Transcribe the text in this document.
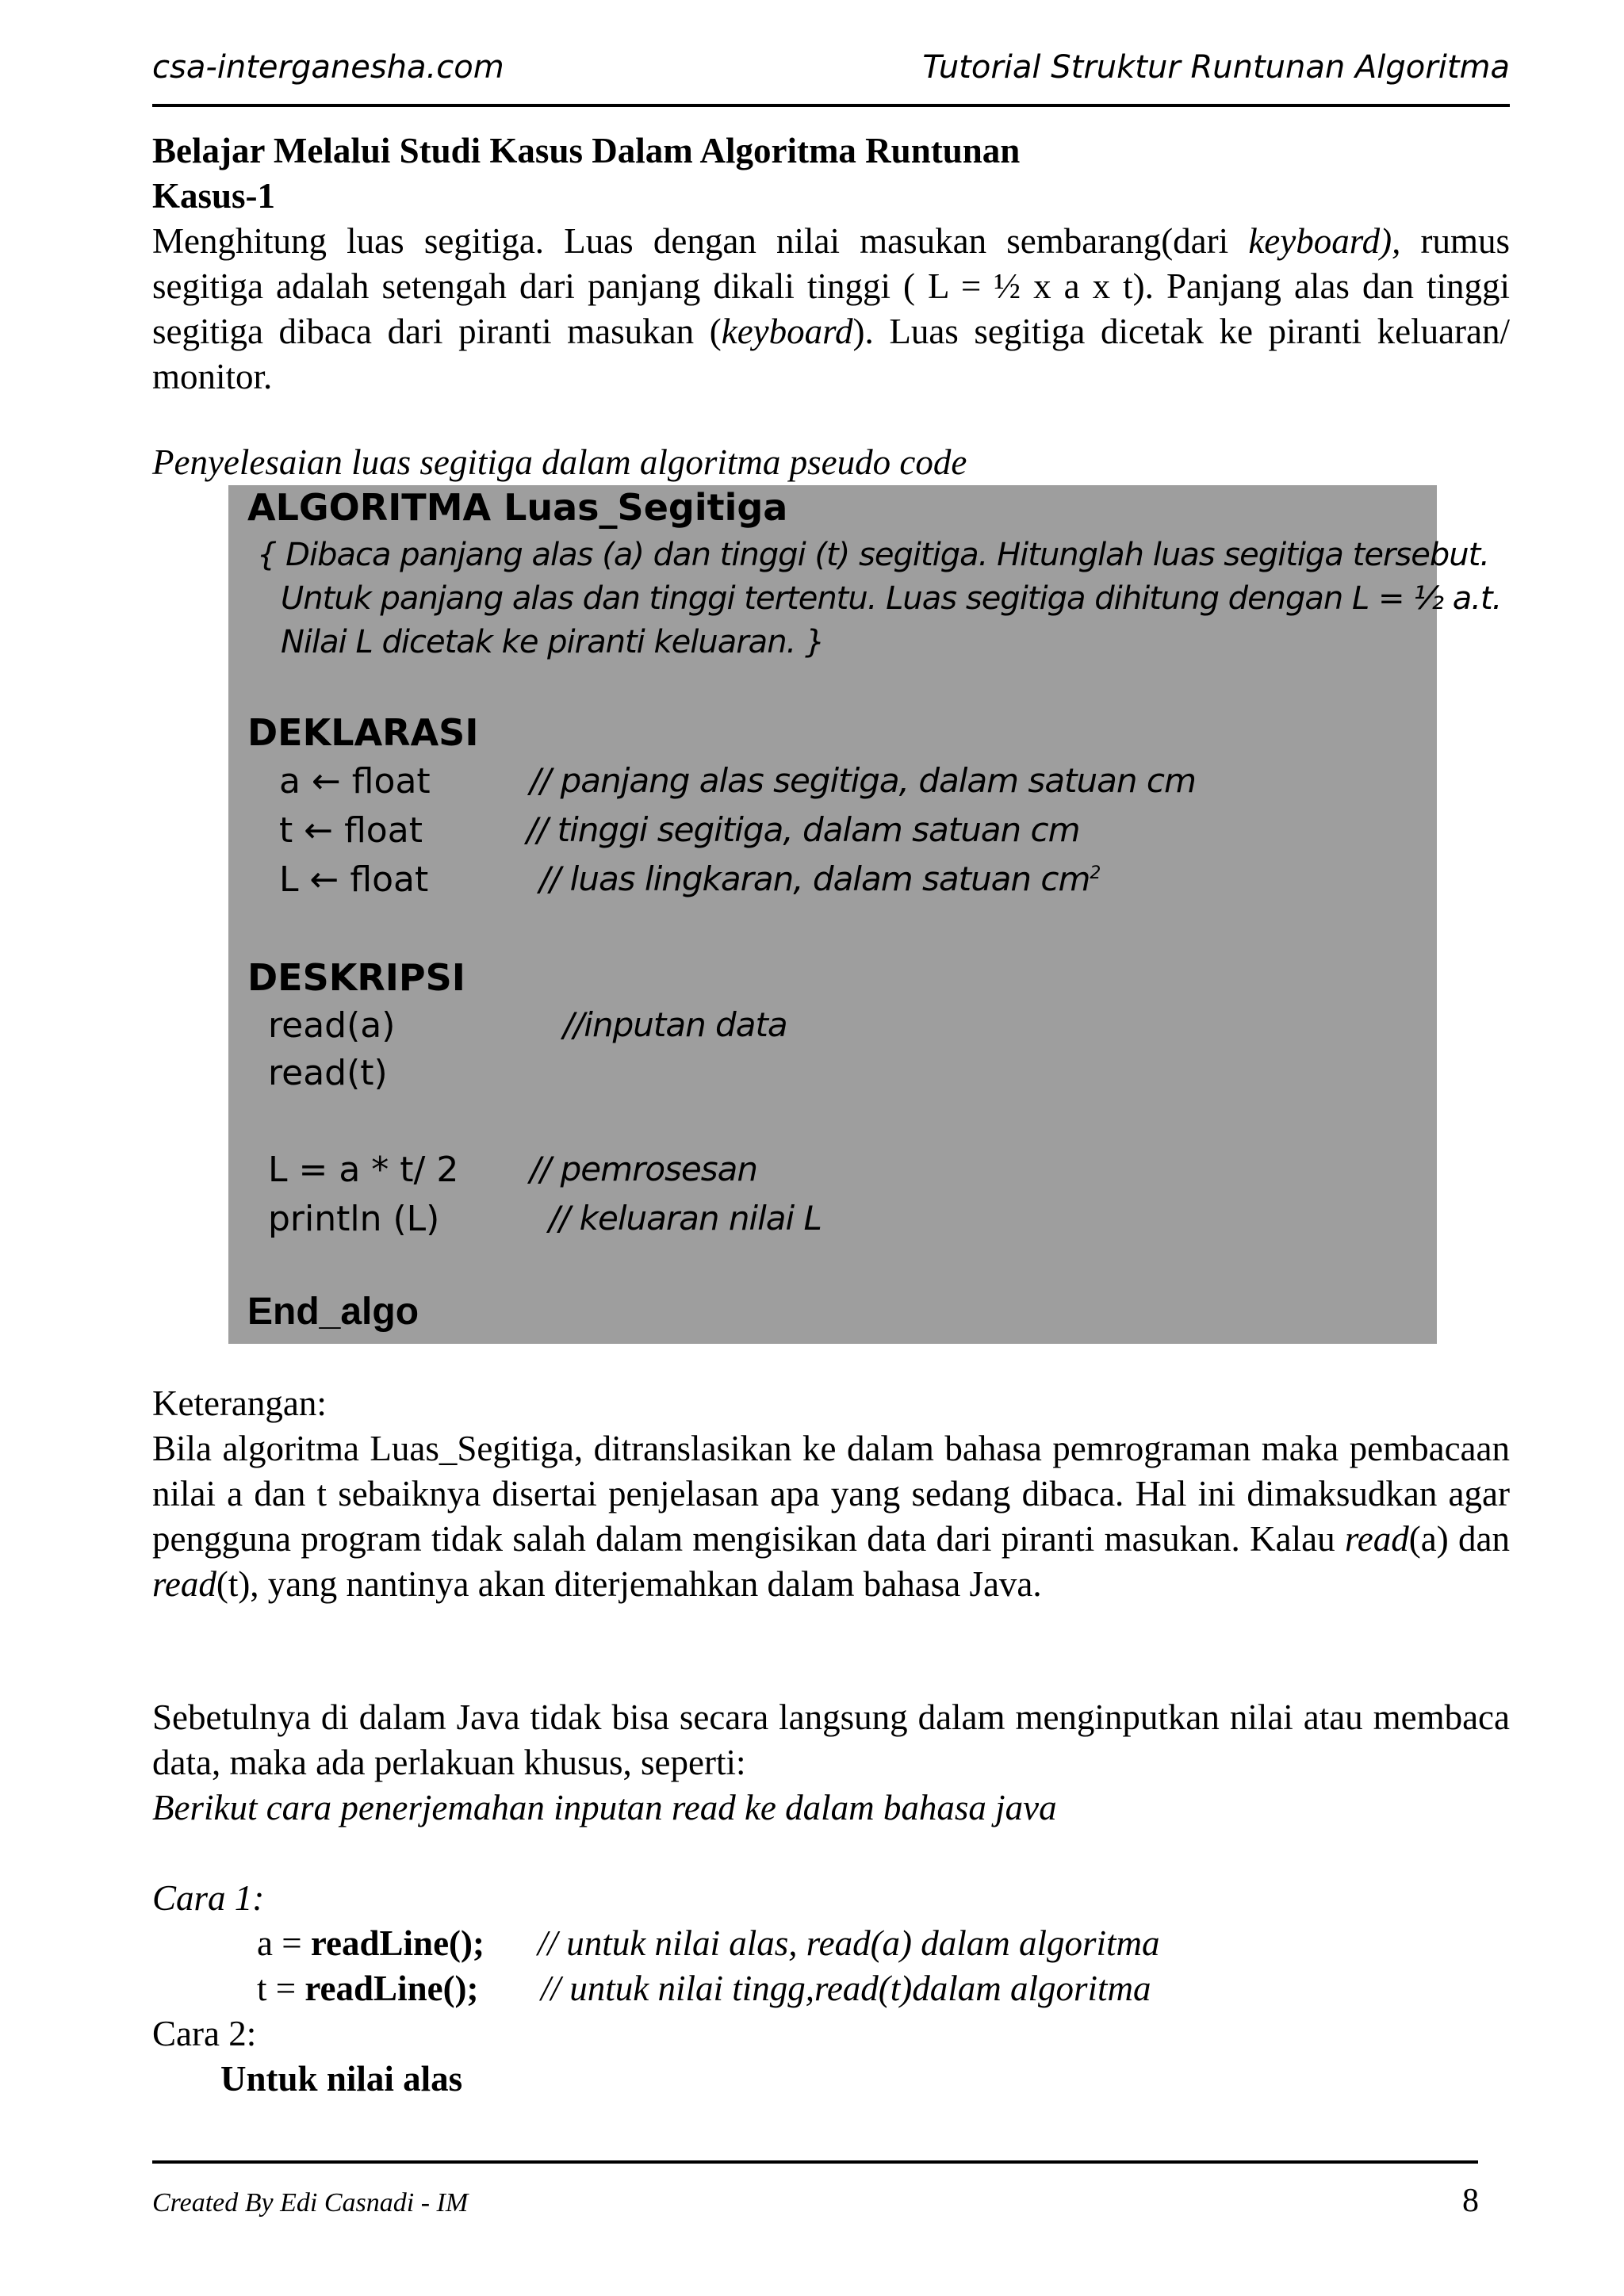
csa-interganesha.com	Tutorial Struktur Runtunan Algoritma
Belajar Melalui Studi Kasus Dalam Algoritma Runtunan
Kasus-1
Menghitung luas segitiga. Luas dengan nilai masukan sembarang(dari keyboard), rumus segitiga adalah setengah dari panjang dikali tinggi ( L = ½ x a x t). Panjang alas dan tinggi segitiga dibaca dari piranti masukan (keyboard). Luas segitiga dicetak ke piranti keluaran/ monitor.
Penyelesaian luas segitiga dalam algoritma pseudo code
ALGORITMA Luas_Segitiga
{ Dibaca panjang alas (a) dan tinggi (t) segitiga. Hitunglah luas segitiga tersebut.
Untuk panjang alas dan tinggi tertentu. Luas segitiga dihitung dengan L = ½ a.t.
Nilai L dicetak ke piranti keluaran. }
DEKLARASI
a ← float	// panjang alas segitiga, dalam satuan cm
t ← float	// tinggi segitiga, dalam satuan cm
L ← float	// luas lingkaran, dalam satuan $cm^2$
DESKRIPSI
read(a)	//inputan data
read(t)
L = a * t/ 2 // pemrosesan
println (L)	// keluaran nilai L
End_algo
Keterangan:
Bila algoritma Luas_Segitiga, ditranslasikan ke dalam bahasa pemrograman maka pembacaan nilai a dan t sebaiknya disertai penjelasan apa yang sedang dibaca. Hal ini dimaksudkan agar pengguna program tidak salah dalam mengisikan data dari piranti masukan. Kalau read(a) dan read(t), yang nantinya akan diterjemahkan dalam bahasa Java.
Sebetulnya di dalam Java tidak bisa secara langsung dalam menginputkan nilai atau membaca data, maka ada perlakuan khusus, seperti:
Berikut cara penerjemahan inputan read ke dalam bahasa java
Cara 1:
a = readLine(); // untuk nilai alas, read(a) dalam algoritma
t = readLine(); // untuk nilai tingg,read(t)dalam algoritma
Cara 2:
Untuk nilai alas
Created By Edi Casnadi - IM	8
